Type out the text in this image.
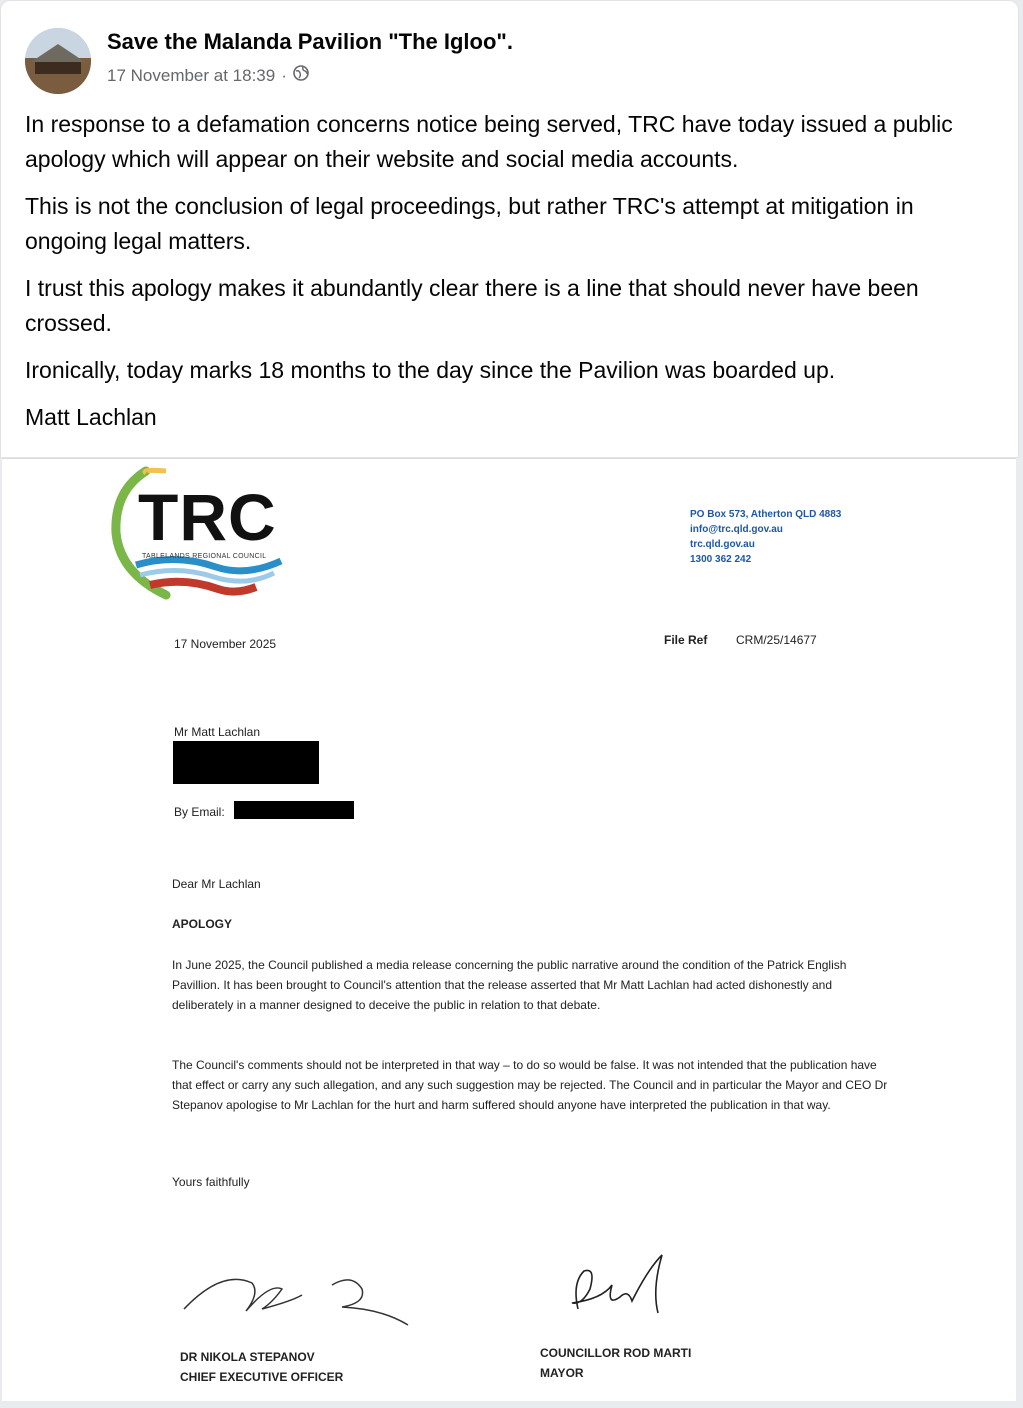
Save the Malanda Pavilion "The Igloo".
17 November at 18:39 ·

In response to a defamation concerns notice being served, TRC have today issued a public apology which will appear on their website and social media accounts.

This is not the conclusion of legal proceedings, but rather TRC's attempt at mitigation in ongoing legal matters.

I trust this apology makes it abundantly clear there is a line that should never have been crossed.

Ironically, today marks 18 months to the day since the Pavilion was boarded up.

Matt Lachlan

TRC
TABLELANDS REGIONAL COUNCIL
PO Box 573, Atherton QLD 4883
info@trc.qld.gov.au
trc.qld.gov.au
1300 362 242
17 November 2025	File Ref CRM/25/14677
Mr Matt Lachlan
By Email:
Dear Mr Lachlan
APOLOGY
In June 2025, the Council published a media release concerning the public narrative around the condition of the Patrick English Pavillion. It has been brought to Council's attention that the release asserted that Mr Matt Lachlan had acted dishonestly and deliberately in a manner designed to deceive the public in relation to that debate.
The Council's comments should not be interpreted in that way – to do so would be false. It was not intended that the publication have that effect or carry any such allegation, and any such suggestion may be rejected. The Council and in particular the Mayor and CEO Dr Stepanov apologise to Mr Lachlan for the hurt and harm suffered should anyone have interpreted the publication in that way.
Yours faithfully
DR NIKOLA STEPANOV
CHIEF EXECUTIVE OFFICER
COUNCILLOR ROD MARTI
MAYOR
